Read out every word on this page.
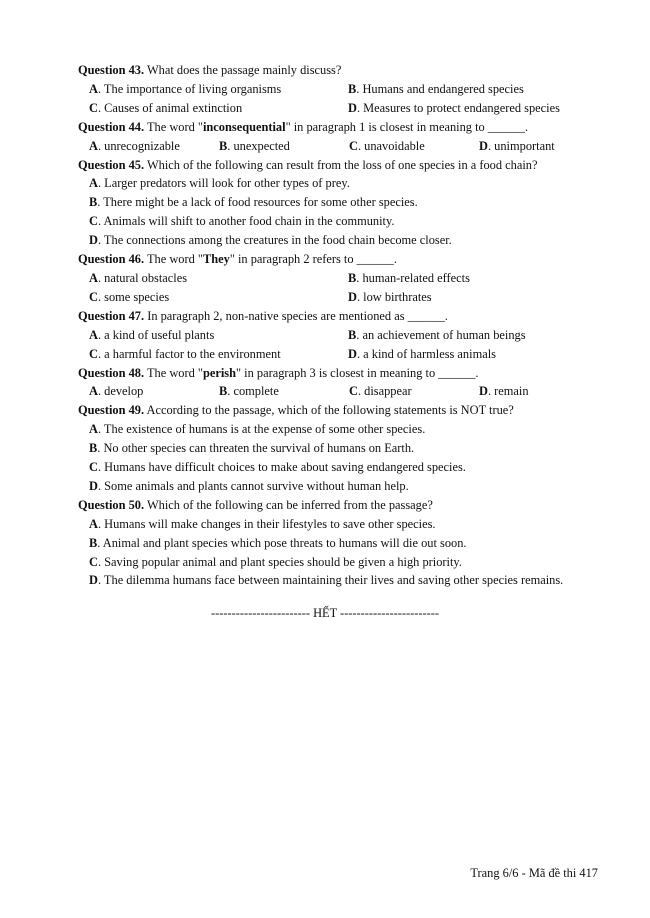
Question 43. What does the passage mainly discuss?
A. The importance of living organisms	B. Humans and endangered species
C. Causes of animal extinction	D. Measures to protect endangered species
Question 44. The word "inconsequential" in paragraph 1 is closest in meaning to ______.
A. unrecognizable	B. unexpected	C. unavoidable	D. unimportant
Question 45. Which of the following can result from the loss of one species in a food chain?
A. Larger predators will look for other types of prey.
B. There might be a lack of food resources for some other species.
C. Animals will shift to another food chain in the community.
D. The connections among the creatures in the food chain become closer.
Question 46. The word "They" in paragraph 2 refers to ______.
A. natural obstacles	B. human-related effects
C. some species	D. low birthrates
Question 47. In paragraph 2, non-native species are mentioned as ______.
A. a kind of useful plants	B. an achievement of human beings
C. a harmful factor to the environment	D. a kind of harmless animals
Question 48. The word "perish" in paragraph 3 is closest in meaning to ______.
A. develop	B. complete	C. disappear	D. remain
Question 49. According to the passage, which of the following statements is NOT true?
A. The existence of humans is at the expense of some other species.
B. No other species can threaten the survival of humans on Earth.
C. Humans have difficult choices to make about saving endangered species.
D. Some animals and plants cannot survive without human help.
Question 50. Which of the following can be inferred from the passage?
A. Humans will make changes in their lifestyles to save other species.
B. Animal and plant species which pose threats to humans will die out soon.
C. Saving popular animal and plant species should be given a high priority.
D. The dilemma humans face between maintaining their lives and saving other species remains.
------------------------ HẾT ------------------------
Trang 6/6 - Mã đề thi 417
